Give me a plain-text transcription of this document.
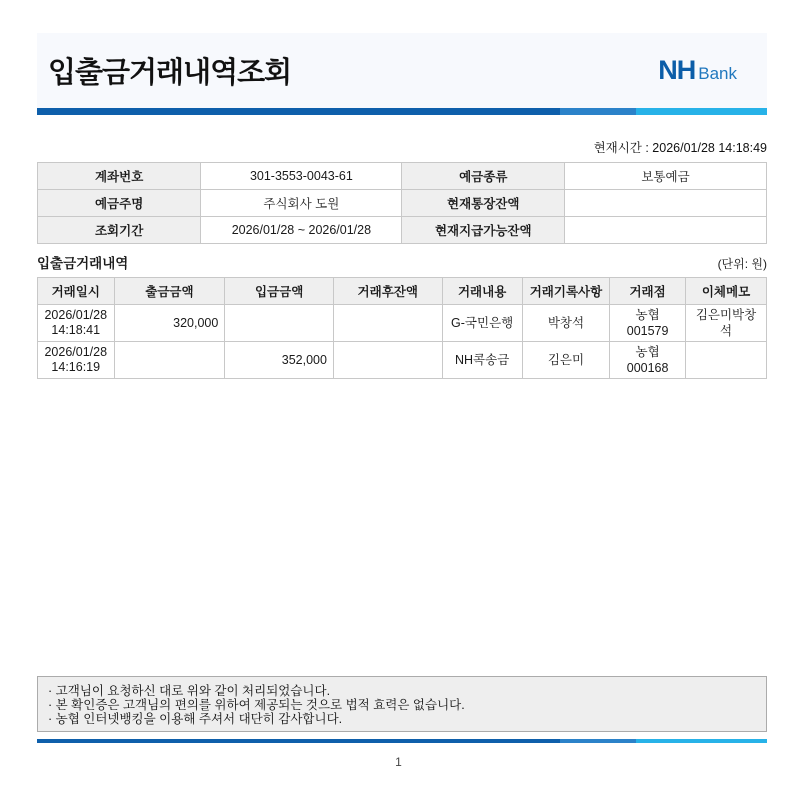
입출금거래내역조회	NH Bank
현재시간 : 2026/01/28 14:18:49
계좌번호	301-3553-0043-61	예금종류	보통예금
예금주명	주식회사 도원	현재통장잔액	
조회기간	2026/01/28 ~ 2026/01/28	현재지급가능잔액	
입출금거래내역	(단위: 원)
거래일시	출금금액	입금금액	거래후잔액	거래내용	거래기록사항	거래점	이체메모
2026/01/28
14:18:41	320,000			G-국민은행	박창석	농협 001579	김은미박창석
2026/01/28
14:16:19		352,000		NH콕송금	김은미	농협 000168	
· 고객님이 요청하신 대로 위와 같이 처리되었습니다.
· 본 확인증은 고객님의 편의를 위하여 제공되는 것으로 법적 효력은 없습니다.
· 농협 인터넷뱅킹을 이용해 주셔서 대단히 감사합니다.
1
